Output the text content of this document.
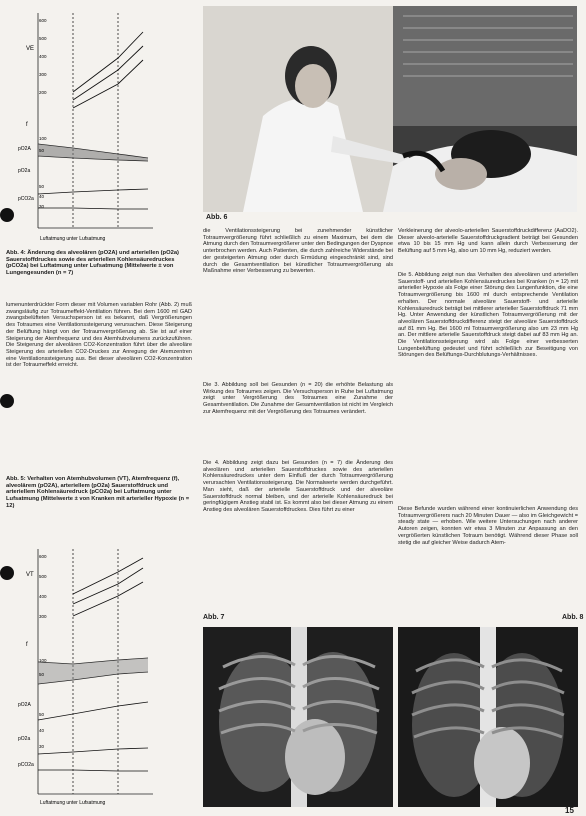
VE
f
pO2A
pO2a
pCO2a
Luftatmung unter Lufsatmung
600
500
400
300
200
100
50
50
40
30

Abb. 4: Änderung des alveolären (pO2A) und arteriellen (pO2a) Sauerstoffdruckes sowie des arteriellen Kohlensäuredruckes (pCO2a) bei Luftatmung unter Lufsatmung (Mittelwerte ± von Lungengesunden (n = 7)

lumenunterdrückter Form dieser mit Volumen variablen Rohr (Abb. 2) muß zwangsläufig zur Totraumeffekt-Ventilation führen. Bei dem 1600 ml GAD zwangsbelüfteten Versuchsperson ist es bekannt, daß Vergrößerungen des Totraumes eine Ventilationssteigerung verursachen. Diese Steigerung der Belüftung hängt von der Totraumvergrößerung ab. Sie ist auf einer Steigerung der Atemfrequenz und des Atemhubvolumens zurückzuführen. Die Steigerung der alveolären CO2-Konzentration führt über die alveoläre Steigerung des arteriellen CO2-Druckes zur Anregung der Atemzentren eine Ventilationssteigerung aus. Bei dieser alveolären CO2-Konzentration ist der Totraumeffekt erreicht.

Abb. 5: Verhalten von Atemhubvolumen (VT), Atemfrequenz (f), alveolärem (pO2A), arteriellem (pO2a) Sauerstoffdruck und arteriellem Kohlensäuredruck (pCO2a) bei Luftatmung unter Lufsatmung (Mittelwerte ± von Kranken mit arterieller Hypoxie (n = 12)

VT
f
pO2A
pO2a
pCO2a
Luftatmung unter Lufsatmung
600
500
400
300
100
50
50
40
30
Abb. 6

die Ventilationssteigerung bei zunehmender künstlicher Totraumvergrößerung führt schließlich zu einem Maximum, bei dem die Atmung durch den Totraumvergrößerer unter den Bedingungen der Dyspnoe unterbrochen werden. Auch Patienten, die durch zahlreiche Widerstände bei der gesteigerten Atmung oder durch Ermüdung eingeschränkt sind, sind durch die Gesamtventilation bei künstlicher Totraumvergrößerung als Maßnahme einer Verbesserung zu bewerten.

Die 3. Abbildung soll bei Gesunden (n = 20) die erhöhte Belastung als Wirkung des Totraumes zeigen. Die Versuchsperson in Ruhe bei Luftatmung zeigt unter Vergrößerung des Totraumes eine Zunahme der Gesamtventilation. Die Zunahme der Gesamtventilation ist nicht im Vergleich zur Atemfrequenz mit der Vergrößerung des Totraumes verändert.

Die 4. Abbildung zeigt dazu bei Gesunden (n = 7) die Änderung des alveolären und arteriellen Sauerstoffdruckes sowie des arteriellen Kohlensäuredruckes unter dem Einfluß der durch Totraumvergrößerung verursachten Ventilationssteigerung. Die Normalwerte werden durchgeführt. Man sieht, daß der arterielle Sauerstoffdruck und der alveoläre Sauerstoffdruck normal bleiben, und der arterielle Kohlensäuredruck bei geringfügigem Anstieg stabil ist. Es kommt also bei dieser Atmung zu einem Anstieg des alveolären Sauerstoffdruckes. Dies führt zu einer

Verkleinerung der alveolo-arteriellen Sauerstoffdruckdifferenz (AaDO2). Dieser alveolo-arterielle Sauerstoffdruckgradient beträgt bei Gesunden etwa 10 bis 15 mm Hg und kann allein durch Verbesserung der Belüftung auf 5 mm Hg, also um 10 mm Hg, reduziert werden.

Die 5. Abbildung zeigt nun das Verhalten des alveolären und arteriellen Sauerstoff- und arteriellen Kohlensäuredruckes bei Kranken (n = 12) mit arterieller Hypoxie als Folge einer Störung des Lungenfunktion, die eine Totraumvergrößerung bis 1600 ml durch entsprechende Ventilation erhalten. Der normale alveoläre Sauerstoff- und arterielle Kohlensäuredruck beträgt bei mittlerer arterieller Sauerstoffdruck 71 mm Hg. Unter Anwendung der künstlichen Totraumvergrößerung mit der alveolären Sauerstoffdruckdifferenz steigt der alveoläre Sauerstoffdruck auf 81 mm Hg. Bei 1600 ml Totraumvergrößerung also um 23 mm Hg an. Der mittlere arterielle Sauerstoffdruck steigt dabei auf 83 mm Hg an. Die Ventilationssteigerung wird als Folge einer verbesserten Lungenbelüftung gedeutet und führt schließlich zur Beseitigung von Störungen des Belüftungs-Durchblutungs-Verhältnisses.

Diese Befunde wurden während einer kontinuierlichen Anwendung des Totraumvergrößerers nach 20 Minuten Dauer — also im Gleichgewicht = steady state — erhoben. Wie weitere Untersuchungen nach anderer Autoren zeigen, konnten wir etwa 3 Minuten zur Anpassung an den vergrößerten künstlichen Totraum benötigt. Während dieser Phase soll stetig die auf gleicher Weise dadurch Atem-

Abb. 7	Abb. 8
15
